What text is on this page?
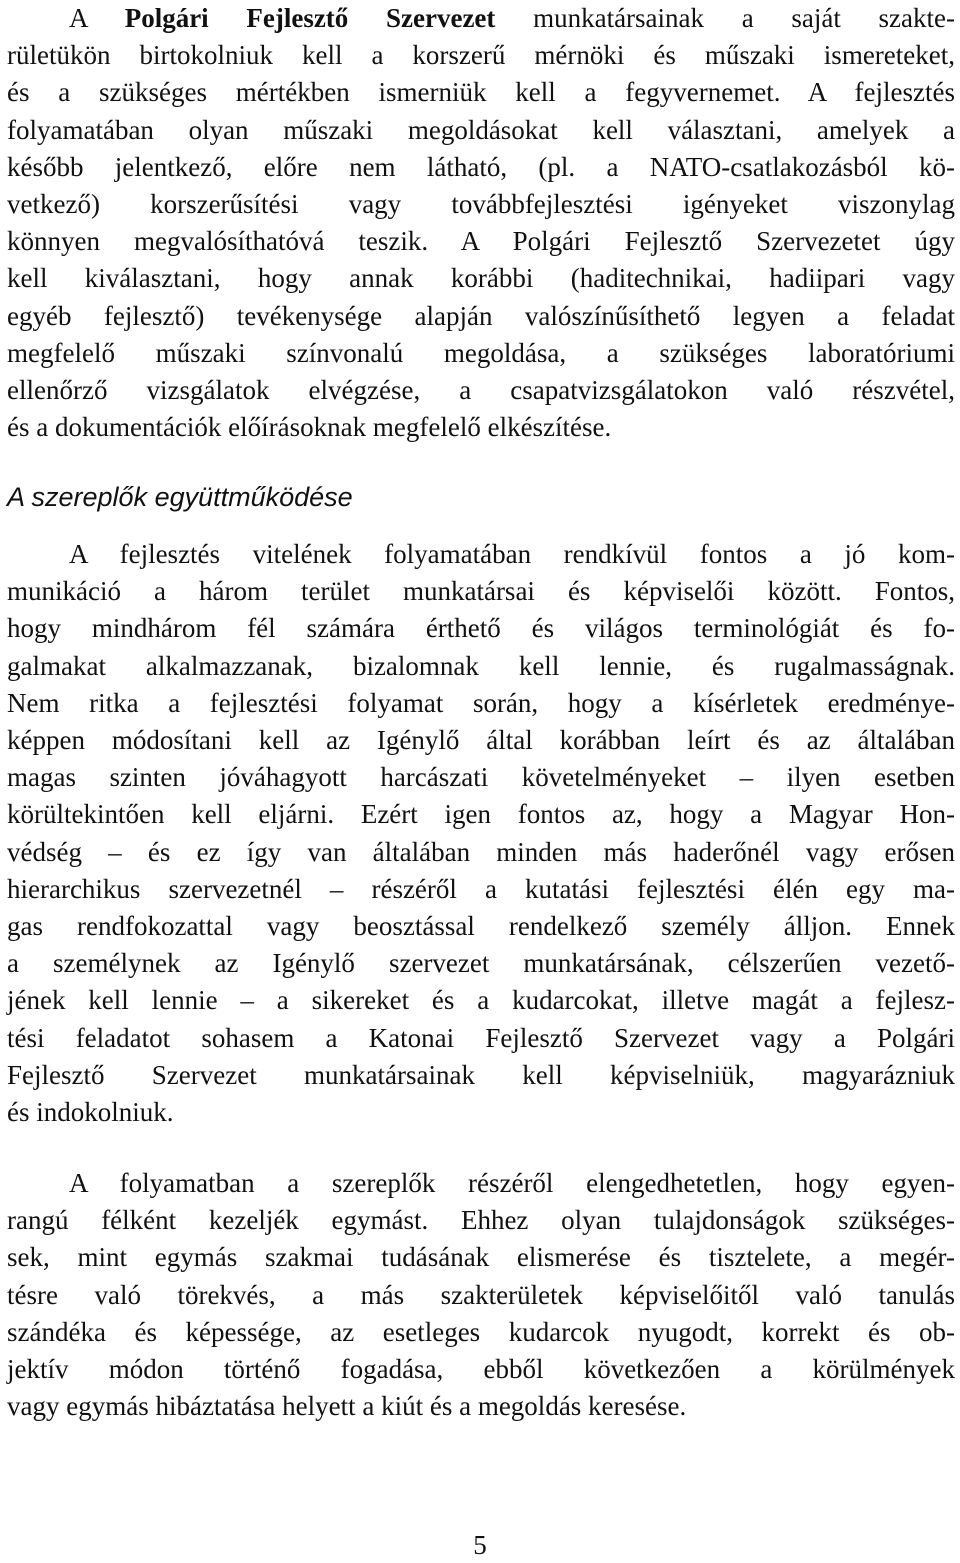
A Polgári Fejlesztő Szervezet munkatársainak a saját szakte-
rületükön birtokolniuk kell a korszerű mérnöki és műszaki ismereteket,
és a szükséges mértékben ismerniük kell a fegyvernemet. A fejlesztés
folyamatában olyan műszaki megoldásokat kell választani, amelyek a
később jelentkező, előre nem látható, (pl. a NATO-csatlakozásból kö-
vetkező) korszerűsítési vagy továbbfejlesztési igényeket viszonylag
könnyen megvalósíthatóvá teszik. A Polgári Fejlesztő Szervezetet úgy
kell kiválasztani, hogy annak korábbi (haditechnikai, hadiipari vagy
egyéb fejlesztő) tevékenysége alapján valószínűsíthető legyen a feladat
megfelelő műszaki színvonalú megoldása, a szükséges laboratóriumi
ellenőrző vizsgálatok elvégzése, a csapatvizsgálatokon való részvétel,
és a dokumentációk előírásoknak megfelelő elkészítése.
A szereplők együttműködése
A fejlesztés vitelének folyamatában rendkívül fontos a jó kom-
munikáció a három terület munkatársai és képviselői között. Fontos,
hogy mindhárom fél számára érthető és világos terminológiát és fo-
galmakat alkalmazzanak, bizalomnak kell lennie, és rugalmasságnak.
Nem ritka a fejlesztési folyamat során, hogy a kísérletek eredménye-
képpen módosítani kell az Igénylő által korábban leírt és az általában
magas szinten jóváhagyott harcászati követelményeket – ilyen esetben
körültekintően kell eljárni. Ezért igen fontos az, hogy a Magyar Hon-
védség – és ez így van általában minden más haderőnél vagy erősen
hierarchikus szervezetnél – részéről a kutatási fejlesztési élén egy ma-
gas rendfokozattal vagy beosztással rendelkező személy álljon. Ennek
a személynek az Igénylő szervezet munkatársának, célszerűen vezető-
jének kell lennie – a sikereket és a kudarcokat, illetve magát a fejlesz-
tési feladatot sohasem a Katonai Fejlesztő Szervezet vagy a Polgári
Fejlesztő Szervezet munkatársainak kell képviselniük, magyarázniuk
és indokolniuk.
A folyamatban a szereplők részéről elengedhetetlen, hogy egyen-
rangú félként kezeljék egymást. Ehhez olyan tulajdonságok szükséges-
sek, mint egymás szakmai tudásának elismerése és tisztelete, a megér-
tésre való törekvés, a más szakterületek képviselőitől való tanulás
szándéka és képessége, az esetleges kudarcok nyugodt, korrekt és ob-
jektív módon történő fogadása, ebből következően a körülmények
vagy egymás hibáztatása helyett a kiút és a megoldás keresése.
5
